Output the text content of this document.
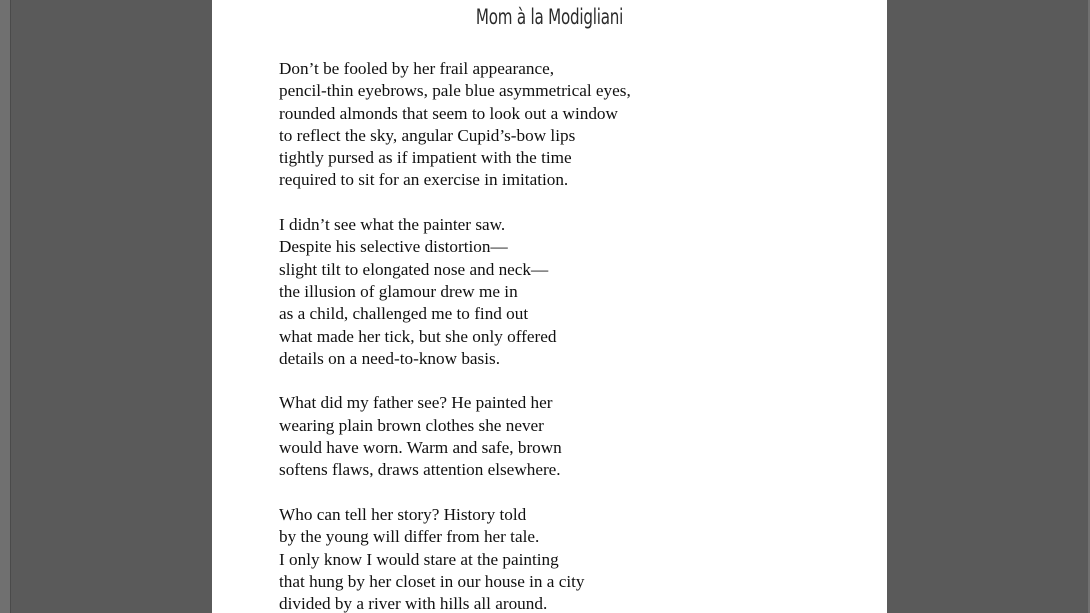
Mom à la Modigliani
Don’t be fooled by her frail appearance,
pencil-thin eyebrows, pale blue asymmetrical eyes,
rounded almonds that seem to look out a window
to reflect the sky, angular Cupid’s-bow lips
tightly pursed as if impatient with the time
required to sit for an exercise in imitation.
I didn’t see what the painter saw.
Despite his selective distortion—
slight tilt to elongated nose and neck—
the illusion of glamour drew me in
as a child, challenged me to find out
what made her tick, but she only offered
details on a need-to-know basis.
What did my father see? He painted her
wearing plain brown clothes she never
would have worn. Warm and safe, brown
softens flaws, draws attention elsewhere.
Who can tell her story? History told
by the young will differ from her tale.
I only know I would stare at the painting
that hung by her closet in our house in a city
divided by a river with hills all around.
